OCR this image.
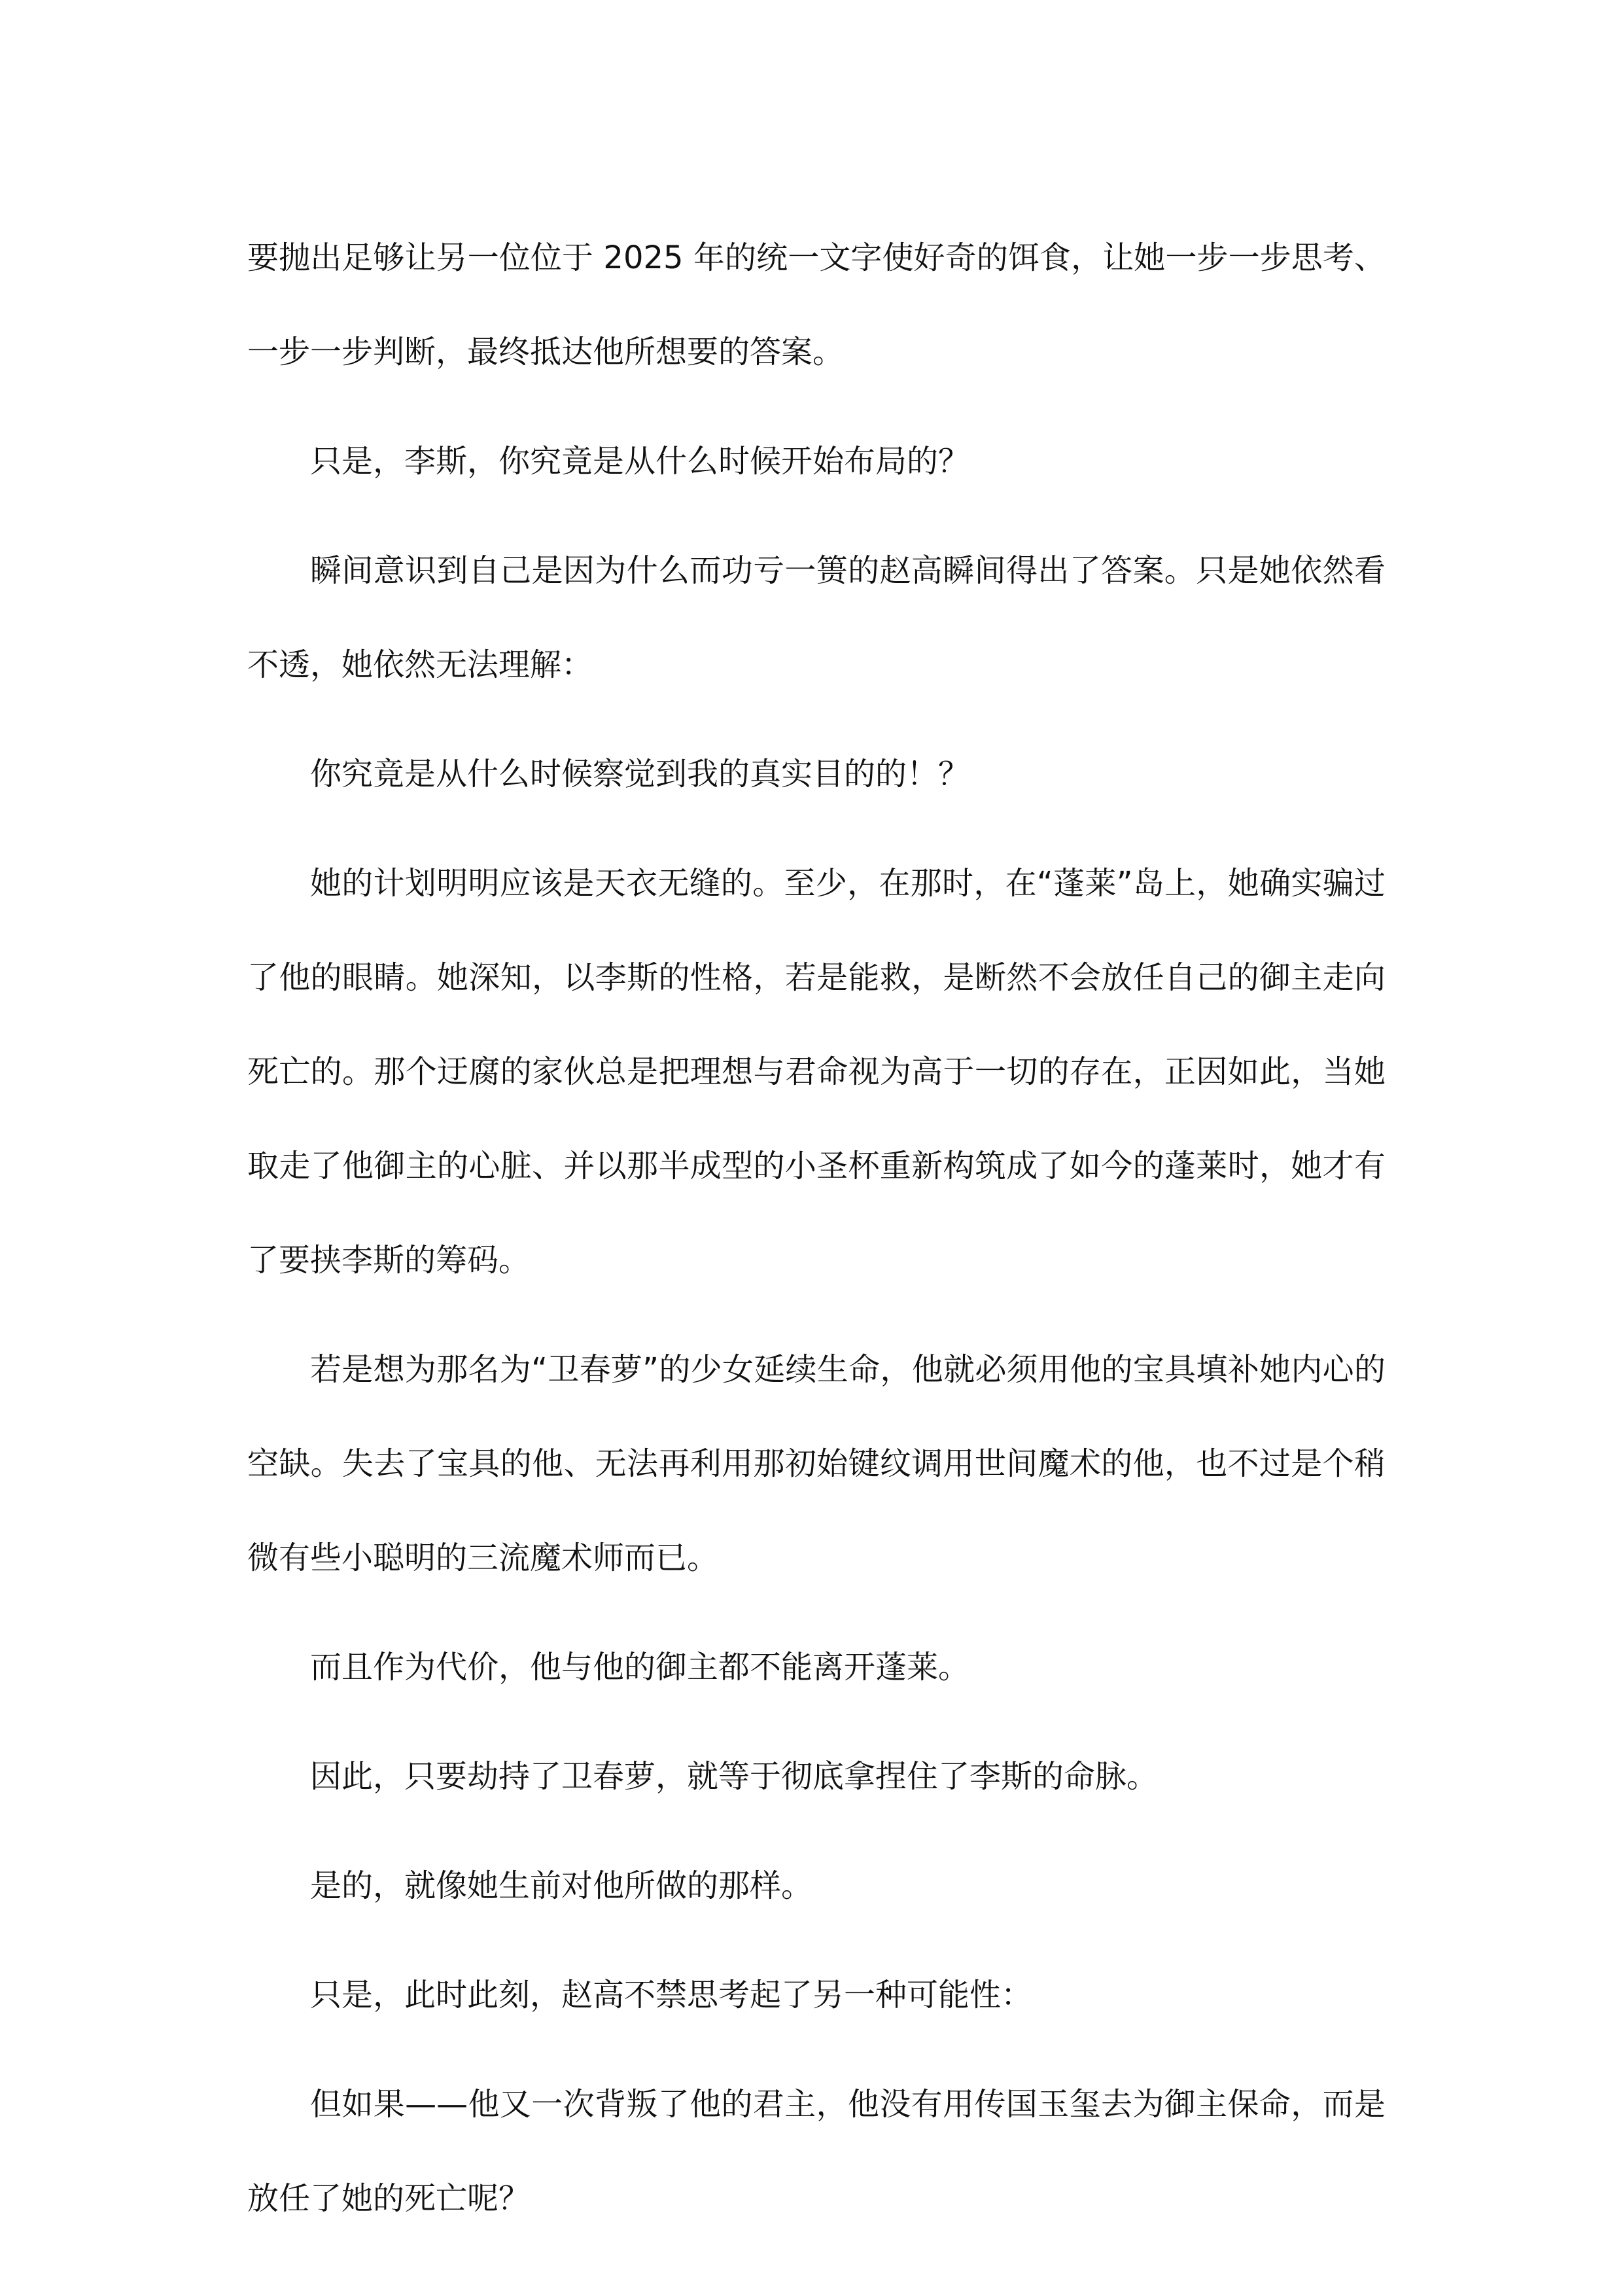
要抛出足够让另一位位于 2025 年的统一文字使好奇的饵食，让她一步一步思考、一步一步判断，最终抵达他所想要的答案。

只是，李斯，你究竟是从什么时候开始布局的？

瞬间意识到自己是因为什么而功亏一篑的赵高瞬间得出了答案。只是她依然看不透，她依然无法理解：

你究竟是从什么时候察觉到我的真实目的的！？

她的计划明明应该是天衣无缝的。至少，在那时，在“蓬莱”岛上，她确实骗过了他的眼睛。她深知，以李斯的性格，若是能救，是断然不会放任自己的御主走向死亡的。那个迂腐的家伙总是把理想与君命视为高于一切的存在，正因如此，当她取走了他御主的心脏、并以那半成型的小圣杯重新构筑成了如今的蓬莱时，她才有了要挟李斯的筹码。

若是想为那名为“卫春萝”的少女延续生命，他就必须用他的宝具填补她内心的空缺。失去了宝具的他、无法再利用那初始键纹调用世间魔术的他，也不过是个稍微有些小聪明的三流魔术师而已。

而且作为代价，他与他的御主都不能离开蓬莱。

因此，只要劫持了卫春萝，就等于彻底拿捏住了李斯的命脉。

是的，就像她生前对他所做的那样。

只是，此时此刻，赵高不禁思考起了另一种可能性：

但如果——他又一次背叛了他的君主，他没有用传国玉玺去为御主保命，而是放任了她的死亡呢？
